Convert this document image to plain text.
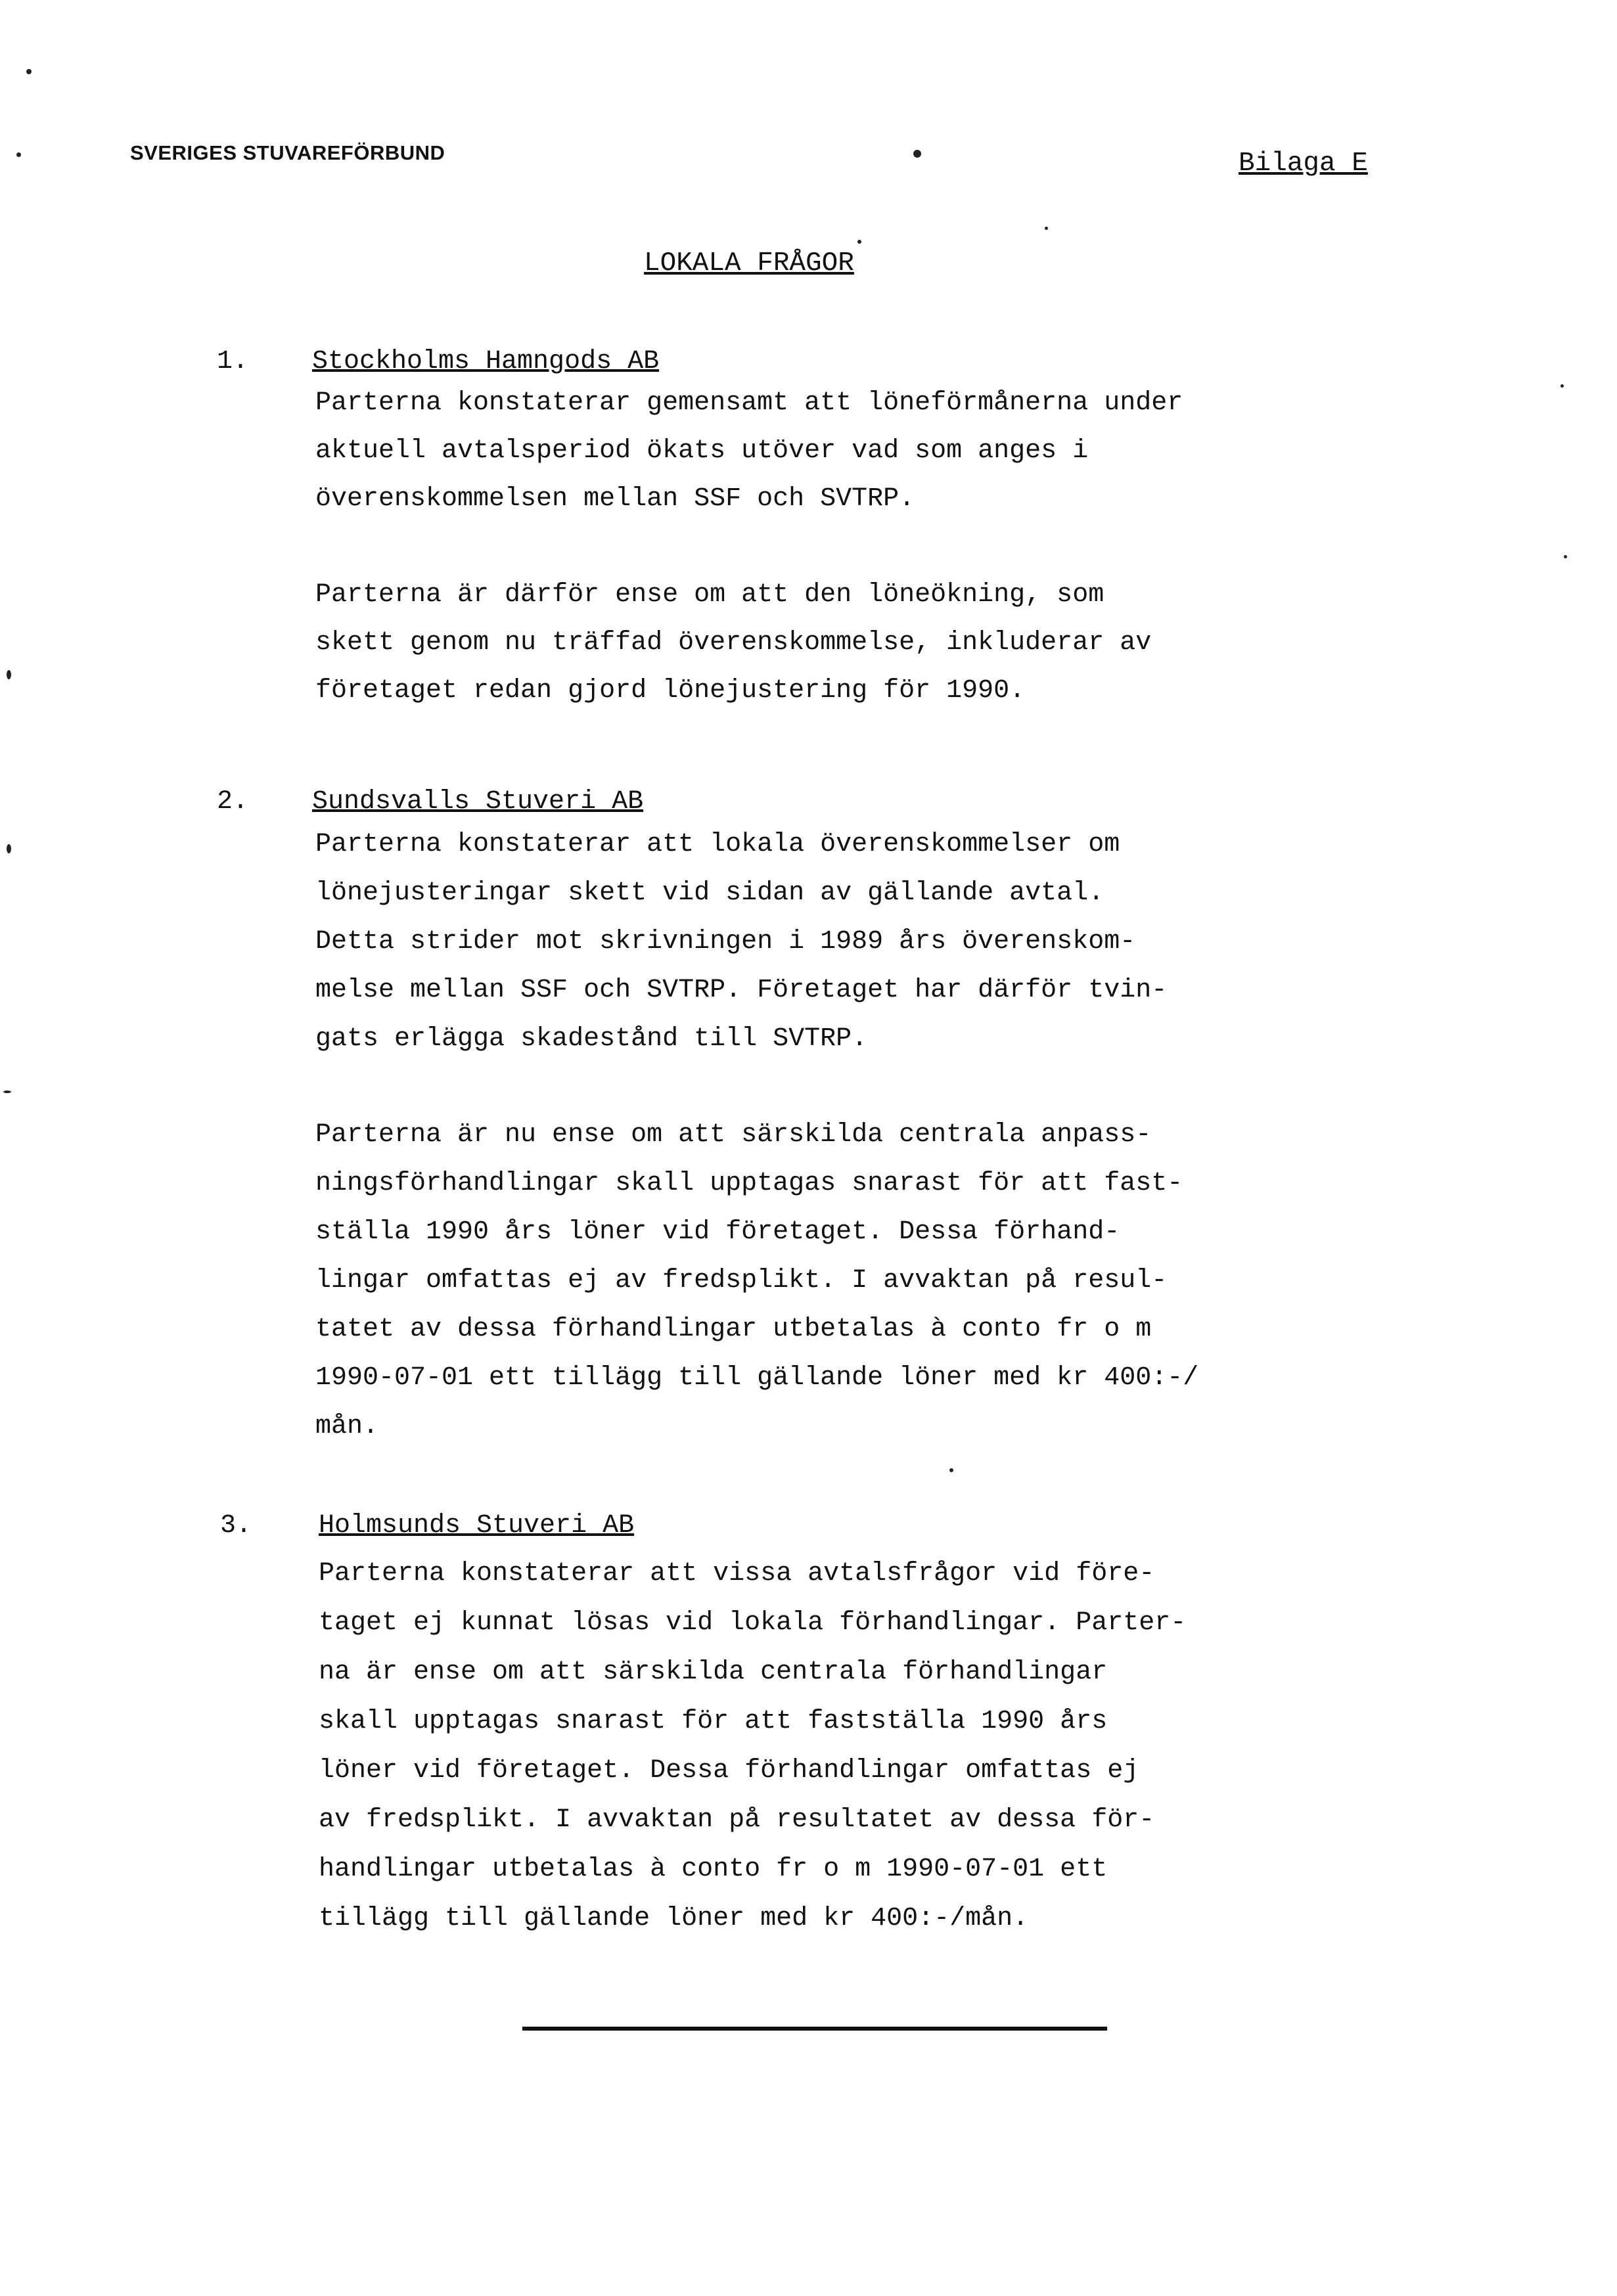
SVERIGES STUVAREFÖRBUND	Bilaga E
LOKALA FRÅGOR
1. Stockholms Hamngods AB
Parterna konstaterar gemensamt att löneförmånerna under
aktuell avtalsperiod ökats utöver vad som anges i
överenskommelsen mellan SSF och SVTRP.
Parterna är därför ense om att den löneökning, som
skett genom nu träffad överenskommelse, inkluderar av
företaget redan gjord lönejustering för 1990.
2. Sundsvalls Stuveri AB
Parterna konstaterar att lokala överenskommelser om
lönejusteringar skett vid sidan av gällande avtal.
Detta strider mot skrivningen i 1989 års överenskom-
melse mellan SSF och SVTRP. Företaget har därför tvin-
gats erlägga skadestånd till SVTRP.
Parterna är nu ense om att särskilda centrala anpass-
ningsförhandlingar skall upptagas snarast för att fast-
ställa 1990 års löner vid företaget. Dessa förhand-
lingar omfattas ej av fredsplikt. I avvaktan på resul-
tatet av dessa förhandlingar utbetalas à conto fr o m
1990-07-01 ett tillägg till gällande löner med kr 400:-/
mån.
3.	Holmsunds Stuveri AB
Parterna konstaterar att vissa avtalsfrågor vid före-
taget ej kunnat lösas vid lokala förhandlingar. Parter-
na är ense om att särskilda centrala förhandlingar
skall upptagas snarast för att fastställa 1990 års
löner vid företaget. Dessa förhandlingar omfattas ej
av fredsplikt. I avvaktan på resultatet av dessa för-
handlingar utbetalas à conto fr o m 1990-07-01 ett
tillägg till gällande löner med kr 400:-/mån.
